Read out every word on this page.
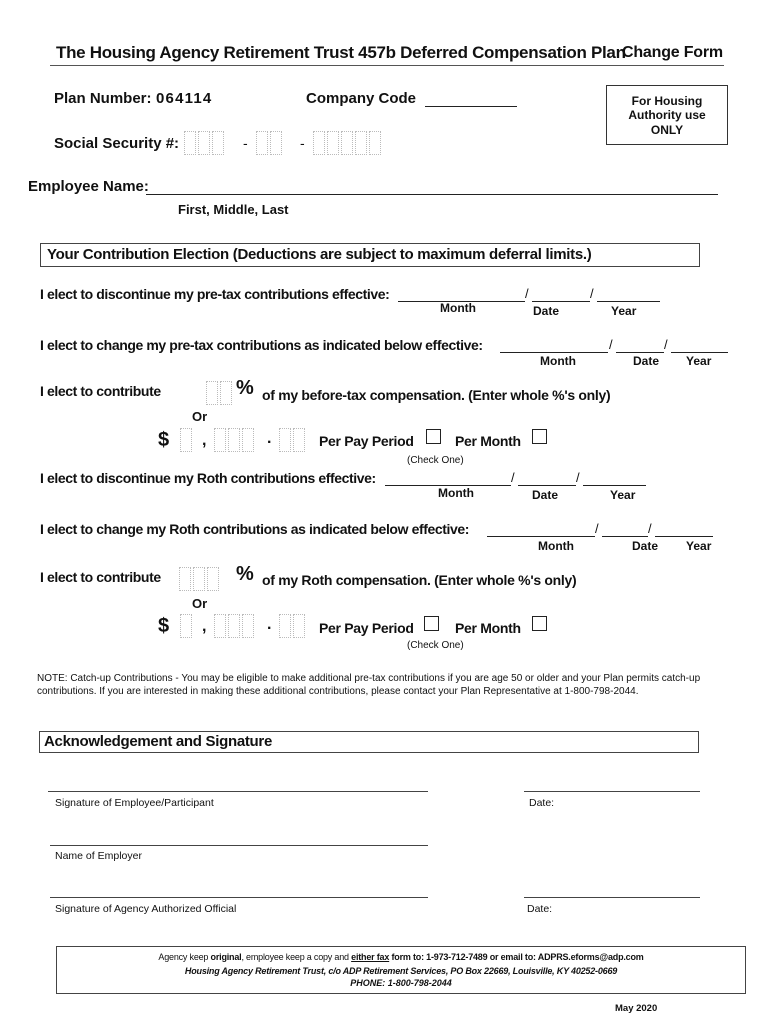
The Housing Agency Retirement Trust 457b Deferred Compensation Plan
Change Form
Plan Number: 064114	Company Code	For Housing
Authority use
ONLY
Social Security #:	-	-
Employee Name:
First, Middle, Last
Your Contribution Election (Deductions are subject to maximum deferral limits.)
I elect to discontinue my pre-tax contributions effective:	/	/
Month	Date	Year
I elect to change my pre-tax contributions as indicated below effective:	/	/
Month	Date Year
I elect to contribute	% of my before-tax compensation. (Enter whole %'s only)
Or
$ ,	.	Per Pay Period	Per Month
(Check One)
I elect to discontinue my Roth contributions effective:	/	/
Month	Date	Year
I elect to change my Roth contributions as indicated below effective:	/	/
Month	Date Year
I elect to contribute	% of my Roth compensation. (Enter whole %'s only)
Or
$ ,	.	Per Pay Period	Per Month
(Check One)
NOTE: Catch-up Contributions - You may be eligible to make additional pre-tax contributions if you are age 50 or older and your Plan permits catch-up contributions. If you are interested in making these additional contributions, please contact your Plan Representative at 1-800-798-2044.
Acknowledgement and Signature
Signature of Employee/Participant	Date:
Name of Employer
Signature of Agency Authorized Official	Date:
Agency keep original, employee keep a copy and either fax form to: 1-973-712-7489 or email to: ADPRS.eforms@adp.com
Housing Agency Retirement Trust, c/o ADP Retirement Services, PO Box 22669, Louisville, KY 40252-0669
PHONE: 1-800-798-2044
May 2020
